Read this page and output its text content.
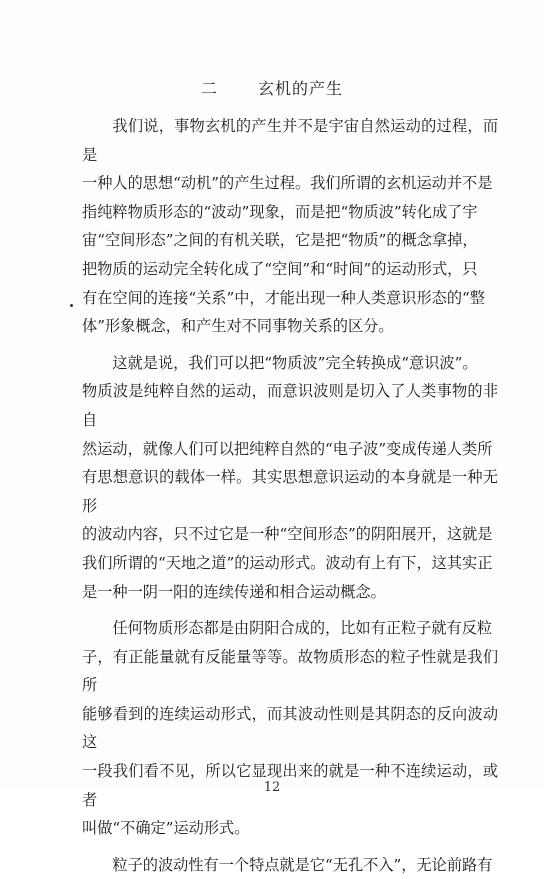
二	玄机的产生

我们说，事物玄机的产生并不是宇宙自然运动的过程，而是
一种人的思想“动机”的产生过程。我们所谓的玄机运动并不是
指纯粹物质形态的“波动”现象，而是把“物质波”转化成了宇
宙“空间形态”之间的有机关联，它是把“物质”的概念拿掉，
把物质的运动完全转化成了“空间”和“时间”的运动形式，只
有在空间的连接“关系”中，才能出现一种人类意识形态的“整
体”形象概念，和产生对不同事物关系的区分。

这就是说，我们可以把“物质波”完全转换成“意识波”。
物质波是纯粹自然的运动，而意识波则是切入了人类事物的非自
然运动，就像人们可以把纯粹自然的“电子波”变成传递人类所
有思想意识的载体一样。其实思想意识运动的本身就是一种无形
的波动内容，只不过它是一种“空间形态”的阴阳展开，这就是
我们所谓的“天地之道”的运动形式。波动有上有下，这其实正
是一种一阴一阳的连续传递和相合运动概念。

任何物质形态都是由阴阳合成的，比如有正粒子就有反粒
子，有正能量就有反能量等等。故物质形态的粒子性就是我们所
能够看到的连续运动形式，而其波动性则是其阴态的反向波动这
一段我们看不见，所以它显现出来的就是一种不连续运动，或者
叫做“不确定”运动形式。

粒子的波动性有一个特点就是它“无孔不入”，无论前路有

12
